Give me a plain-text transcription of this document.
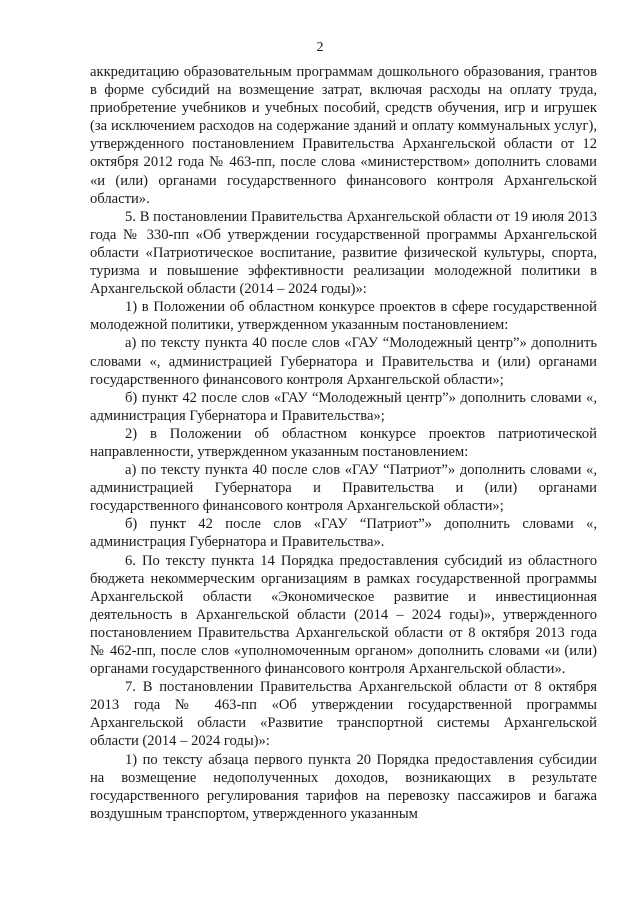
2

аккредитацию образовательным программам дошкольного образования, грантов в форме субсидий на возмещение затрат, включая расходы на оплату труда, приобретение учебников и учебных пособий, средств обучения, игр и игрушек (за исключением расходов на содержание зданий и оплату коммунальных услуг), утвержденного постановлением Правительства Архангельской области от 12 октября 2012 года № 463-пп, после слова «министерством» дополнить словами «и (или) органами государственного финансового контроля Архангельской области».

5. В постановлении Правительства Архангельской области от 19 июля 2013 года № 330-пп «Об утверждении государственной программы Архангельской области «Патриотическое воспитание, развитие физической культуры, спорта, туризма и повышение эффективности реализации молодежной политики в Архангельской области (2014 – 2024 годы)»:

1) в Положении об областном конкурсе проектов в сфере государственной молодежной политики, утвержденном указанным постановлением:

а) по тексту пункта 40 после слов «ГАУ “Молодежный центр”» дополнить словами «, администрацией Губернатора и Правительства и (или) органами государственного финансового контроля Архангельской области»;

б) пункт 42 после слов «ГАУ “Молодежный центр”» дополнить словами «, администрация Губернатора и Правительства»;

2) в Положении об областном конкурсе проектов патриотической направленности, утвержденном указанным постановлением:

а) по тексту пункта 40 после слов «ГАУ “Патриот”» дополнить словами «, администрацией Губернатора и Правительства и (или) органами государственного финансового контроля Архангельской области»;

б) пункт 42 после слов «ГАУ “Патриот”» дополнить словами «, администрация Губернатора и Правительства».

6. По тексту пункта 14 Порядка предоставления субсидий из областного бюджета некоммерческим организациям в рамках государственной программы Архангельской области «Экономическое развитие и инвестиционная деятельность в Архангельской области (2014 – 2024 годы)», утвержденного постановлением Правительства Архангельской области от 8 октября 2013 года № 462-пп, после слов «уполномоченным органом» дополнить словами «и (или) органами государственного финансового контроля Архангельской области».

7. В постановлении Правительства Архангельской области от 8 октября 2013 года № 463-пп «Об утверждении государственной программы Архангельской области «Развитие транспортной системы Архангельской области (2014 – 2024 годы)»:

1) по тексту абзаца первого пункта 20 Порядка предоставления субсидии на возмещение недополученных доходов, возникающих в результате государственного регулирования тарифов на перевозку пассажиров и багажа воздушным транспортом, утвержденного указанным
